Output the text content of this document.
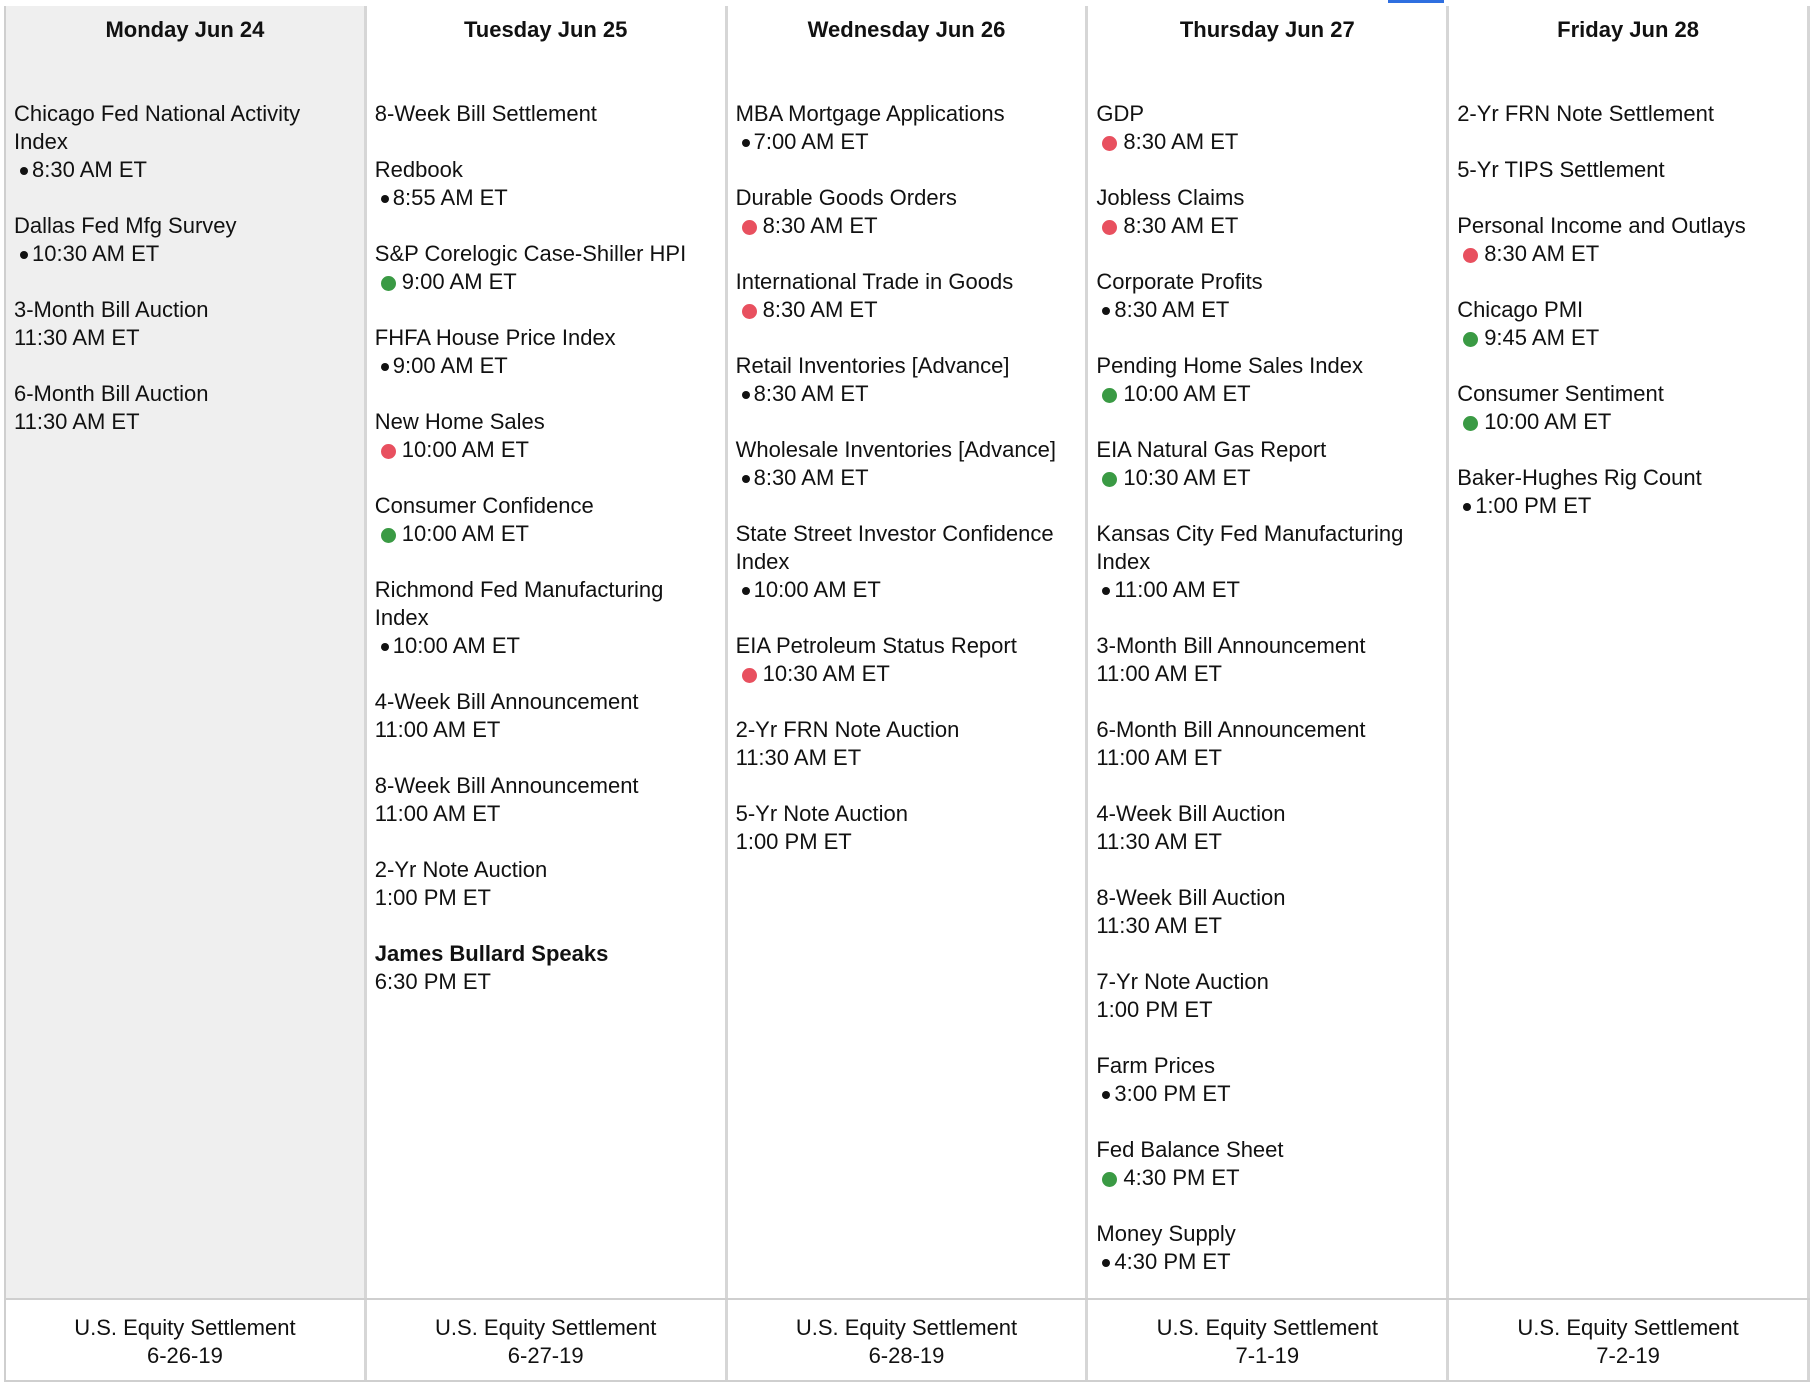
Monday Jun 24
Chicago Fed National Activity Index
8:30 AM ET
Dallas Fed Mfg Survey
10:30 AM ET
3-Month Bill Auction
11:30 AM ET
6-Month Bill Auction
11:30 AM ET
Tuesday Jun 25
8-Week Bill Settlement
Redbook
8:55 AM ET
S&P Corelogic Case-Shiller HPI
9:00 AM ET
FHFA House Price Index
9:00 AM ET
New Home Sales
10:00 AM ET
Consumer Confidence
10:00 AM ET
Richmond Fed Manufacturing Index
10:00 AM ET
4-Week Bill Announcement
11:00 AM ET
8-Week Bill Announcement
11:00 AM ET
2-Yr Note Auction
1:00 PM ET
James Bullard Speaks
6:30 PM ET
Wednesday Jun 26
MBA Mortgage Applications
7:00 AM ET
Durable Goods Orders
8:30 AM ET
International Trade in Goods
8:30 AM ET
Retail Inventories [Advance]
8:30 AM ET
Wholesale Inventories [Advance]
8:30 AM ET
State Street Investor Confidence Index
10:00 AM ET
EIA Petroleum Status Report
10:30 AM ET
2-Yr FRN Note Auction
11:30 AM ET
5-Yr Note Auction
1:00 PM ET
Thursday Jun 27
GDP
8:30 AM ET
Jobless Claims
8:30 AM ET
Corporate Profits
8:30 AM ET
Pending Home Sales Index
10:00 AM ET
EIA Natural Gas Report
10:30 AM ET
Kansas City Fed Manufacturing Index
11:00 AM ET
3-Month Bill Announcement
11:00 AM ET
6-Month Bill Announcement
11:00 AM ET
4-Week Bill Auction
11:30 AM ET
8-Week Bill Auction
11:30 AM ET
7-Yr Note Auction
1:00 PM ET
Farm Prices
3:00 PM ET
Fed Balance Sheet
4:30 PM ET
Money Supply
4:30 PM ET
Friday Jun 28
2-Yr FRN Note Settlement
5-Yr TIPS Settlement
Personal Income and Outlays
8:30 AM ET
Chicago PMI
9:45 AM ET
Consumer Sentiment
10:00 AM ET
Baker-Hughes Rig Count
1:00 PM ET
U.S. Equity Settlement
6-26-19
U.S. Equity Settlement
6-27-19
U.S. Equity Settlement
6-28-19
U.S. Equity Settlement
7-1-19
U.S. Equity Settlement
7-2-19
